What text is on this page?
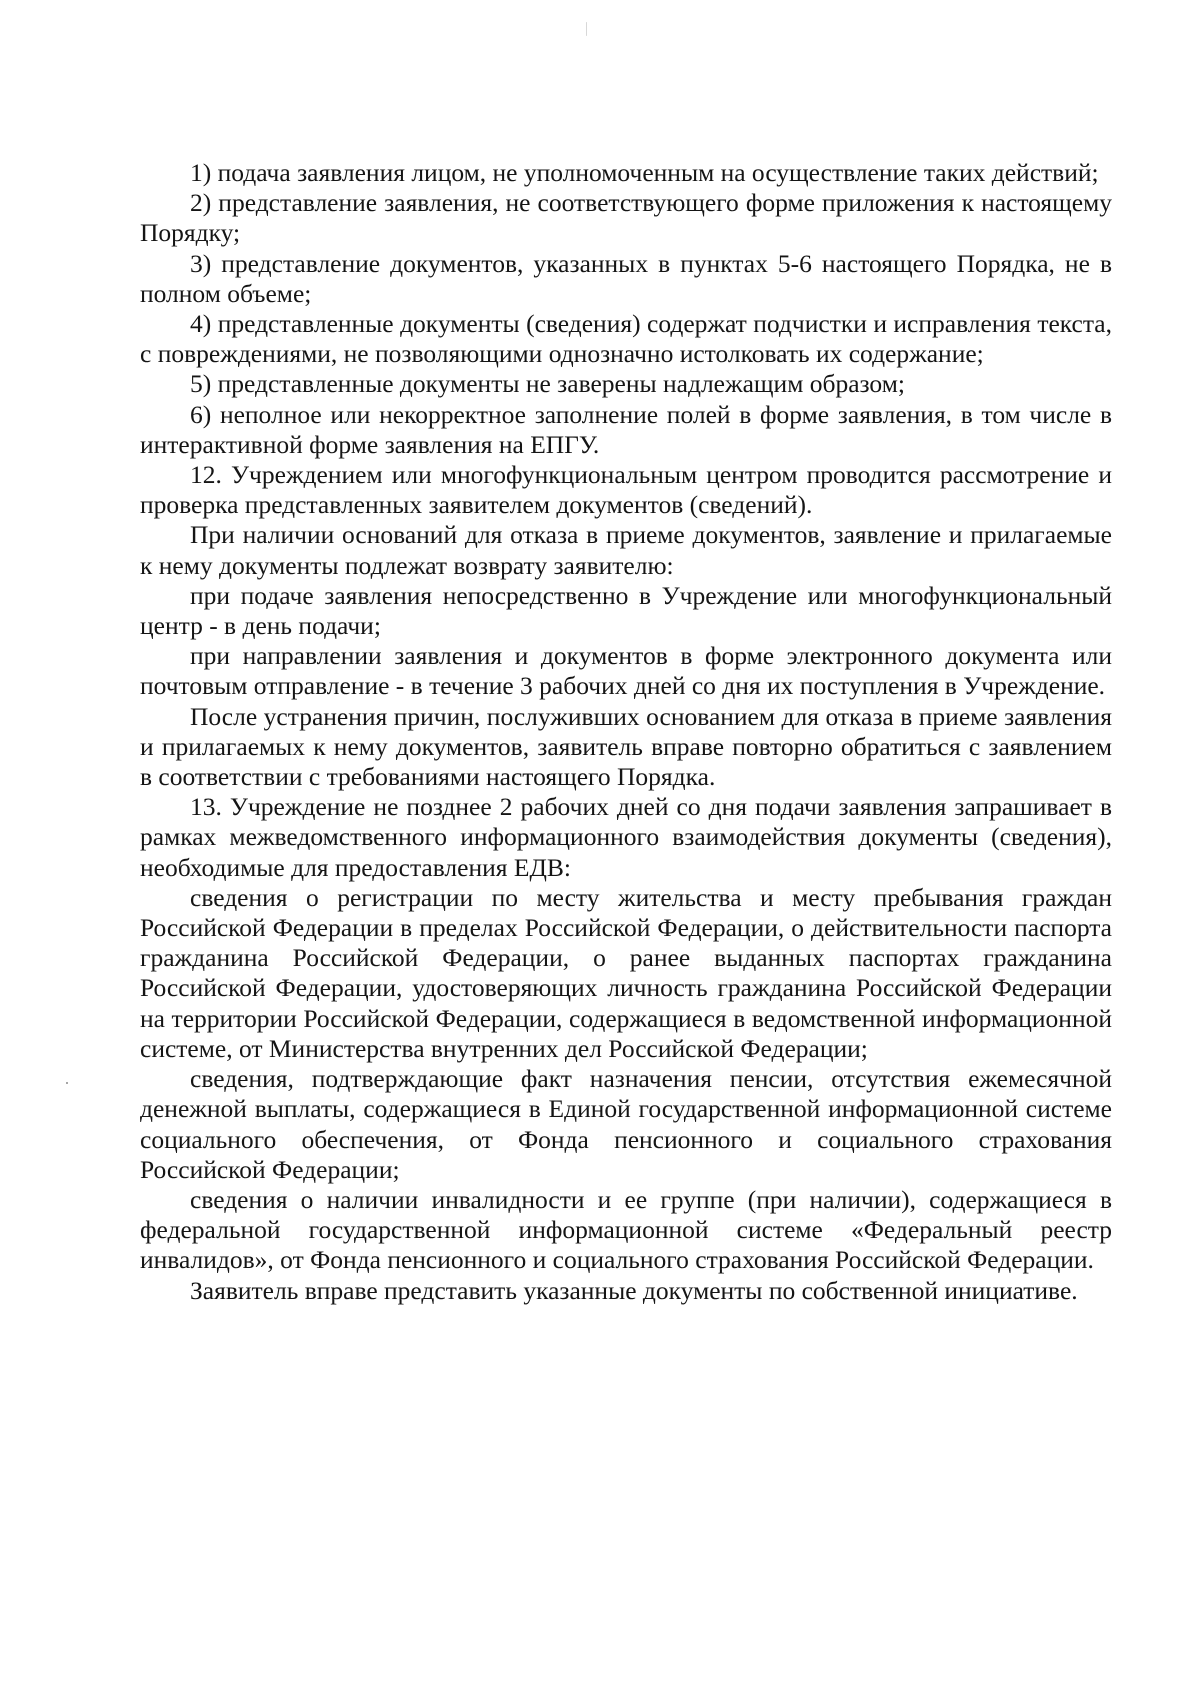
1) подача заявления лицом, не уполномоченным на осуществление таких действий;

2) представление заявления, не соответствующего форме приложения к настоящему Порядку;

3) представление документов, указанных в пунктах 5-6 настоящего Порядка, не в полном объеме;

4) представленные документы (сведения) содержат подчистки и исправления текста, с повреждениями, не позволяющими однозначно истолковать их содержание;

5) представленные документы не заверены надлежащим образом;

6) неполное или некорректное заполнение полей в форме заявления, в том числе в интерактивной форме заявления на ЕПГУ.

12. Учреждением или многофункциональным центром проводится рассмотрение и проверка представленных заявителем документов (сведений).

При наличии оснований для отказа в приеме документов, заявление и прилагаемые к нему документы подлежат возврату заявителю:

при подаче заявления непосредственно в Учреждение или многофункциональный центр - в день подачи;

при направлении заявления и документов в форме электронного документа или почтовым отправление - в течение 3 рабочих дней со дня их поступления в Учреждение.

После устранения причин, послуживших основанием для отказа в приеме заявления и прилагаемых к нему документов, заявитель вправе повторно обратиться с заявлением в соответствии с требованиями настоящего Порядка.

13. Учреждение не позднее 2 рабочих дней со дня подачи заявления запрашивает в рамках межведомственного информационного взаимодействия документы (сведения), необходимые для предоставления ЕДВ:

сведения о регистрации по месту жительства и месту пребывания граждан Российской Федерации в пределах Российской Федерации, о действительности паспорта гражданина Российской Федерации, о ранее выданных паспортах гражданина Российской Федерации, удостоверяющих личность гражданина Российской Федерации на территории Российской Федерации, содержащиеся в ведомственной информационной системе, от Министерства внутренних дел Российской Федерации;

сведения, подтверждающие факт назначения пенсии, отсутствия ежемесячной денежной выплаты, содержащиеся в Единой государственной информационной системе социального обеспечения, от Фонда пенсионного и социального страхования Российской Федерации;

сведения о наличии инвалидности и ее группе (при наличии), содержащиеся в федеральной государственной информационной системе «Федеральный реестр инвалидов», от Фонда пенсионного и социального страхования Российской Федерации.

Заявитель вправе представить указанные документы по собственной инициативе.
